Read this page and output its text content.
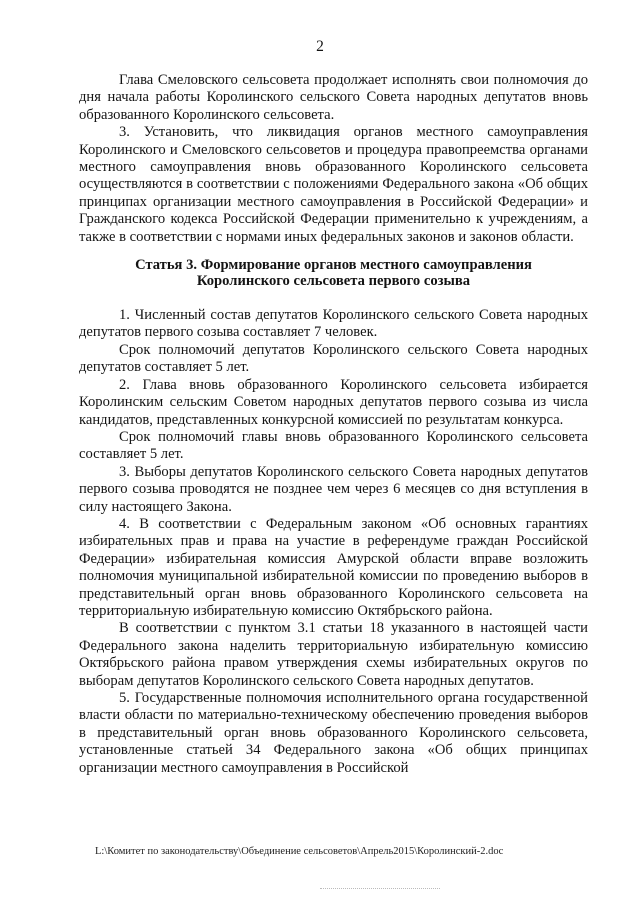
2

Глава Смеловского сельсовета продолжает исполнять свои полномочия до дня начала работы Королинского сельского Совета народных депутатов вновь образованного Королинского сельсовета.

3. Установить, что ликвидация органов местного самоуправления Королинского и Смеловского сельсоветов и процедура правопреемства органами местного самоуправления вновь образованного Королинского сельсовета осуществляются в соответствии с положениями Федерального закона «Об общих принципах организации местного самоуправления в Российской Федерации» и Гражданского кодекса Российской Федерации применительно к учреждениям, а также в соответствии с нормами иных федеральных законов и законов области.

Статья 3. Формирование органов местного самоуправления
Королинского сельсовета первого созыва

1. Численный состав депутатов Королинского сельского Совета народных депутатов первого созыва составляет 7 человек.

Срок полномочий депутатов Королинского сельского Совета народных депутатов составляет 5 лет.

2. Глава вновь образованного Королинского сельсовета избирается Королинским сельским Советом народных депутатов первого созыва из числа кандидатов, представленных конкурсной комиссией по результатам конкурса.

Срок полномочий главы вновь образованного Королинского сельсовета составляет 5 лет.

3. Выборы депутатов Королинского сельского Совета народных депутатов первого созыва проводятся не позднее чем через 6 месяцев со дня вступления в силу настоящего Закона.

4. В соответствии с Федеральным законом «Об основных гарантиях избирательных прав и права на участие в референдуме граждан Российской Федерации» избирательная комиссия Амурской области вправе возложить полномочия муниципальной избирательной комиссии по проведению выборов в представительный орган вновь образованного Королинского сельсовета на территориальную избирательную комиссию Октябрьского района.

В соответствии с пунктом 3.1 статьи 18 указанного в настоящей части Федерального закона наделить территориальную избирательную комиссию Октябрьского района правом утверждения схемы избирательных округов по выборам депутатов Королинского сельского Совета народных депутатов.

5. Государственные полномочия исполнительного органа государственной власти области по материально-техническому обеспечению проведения выборов в представительный орган вновь образованного Королинского сельсовета, установленные статьей 34 Федерального закона «Об общих принципах организации местного самоуправления в Российской

L:\Комитет по законодательству\Объединение сельсоветов\Апрель2015\Королинский-2.doc
